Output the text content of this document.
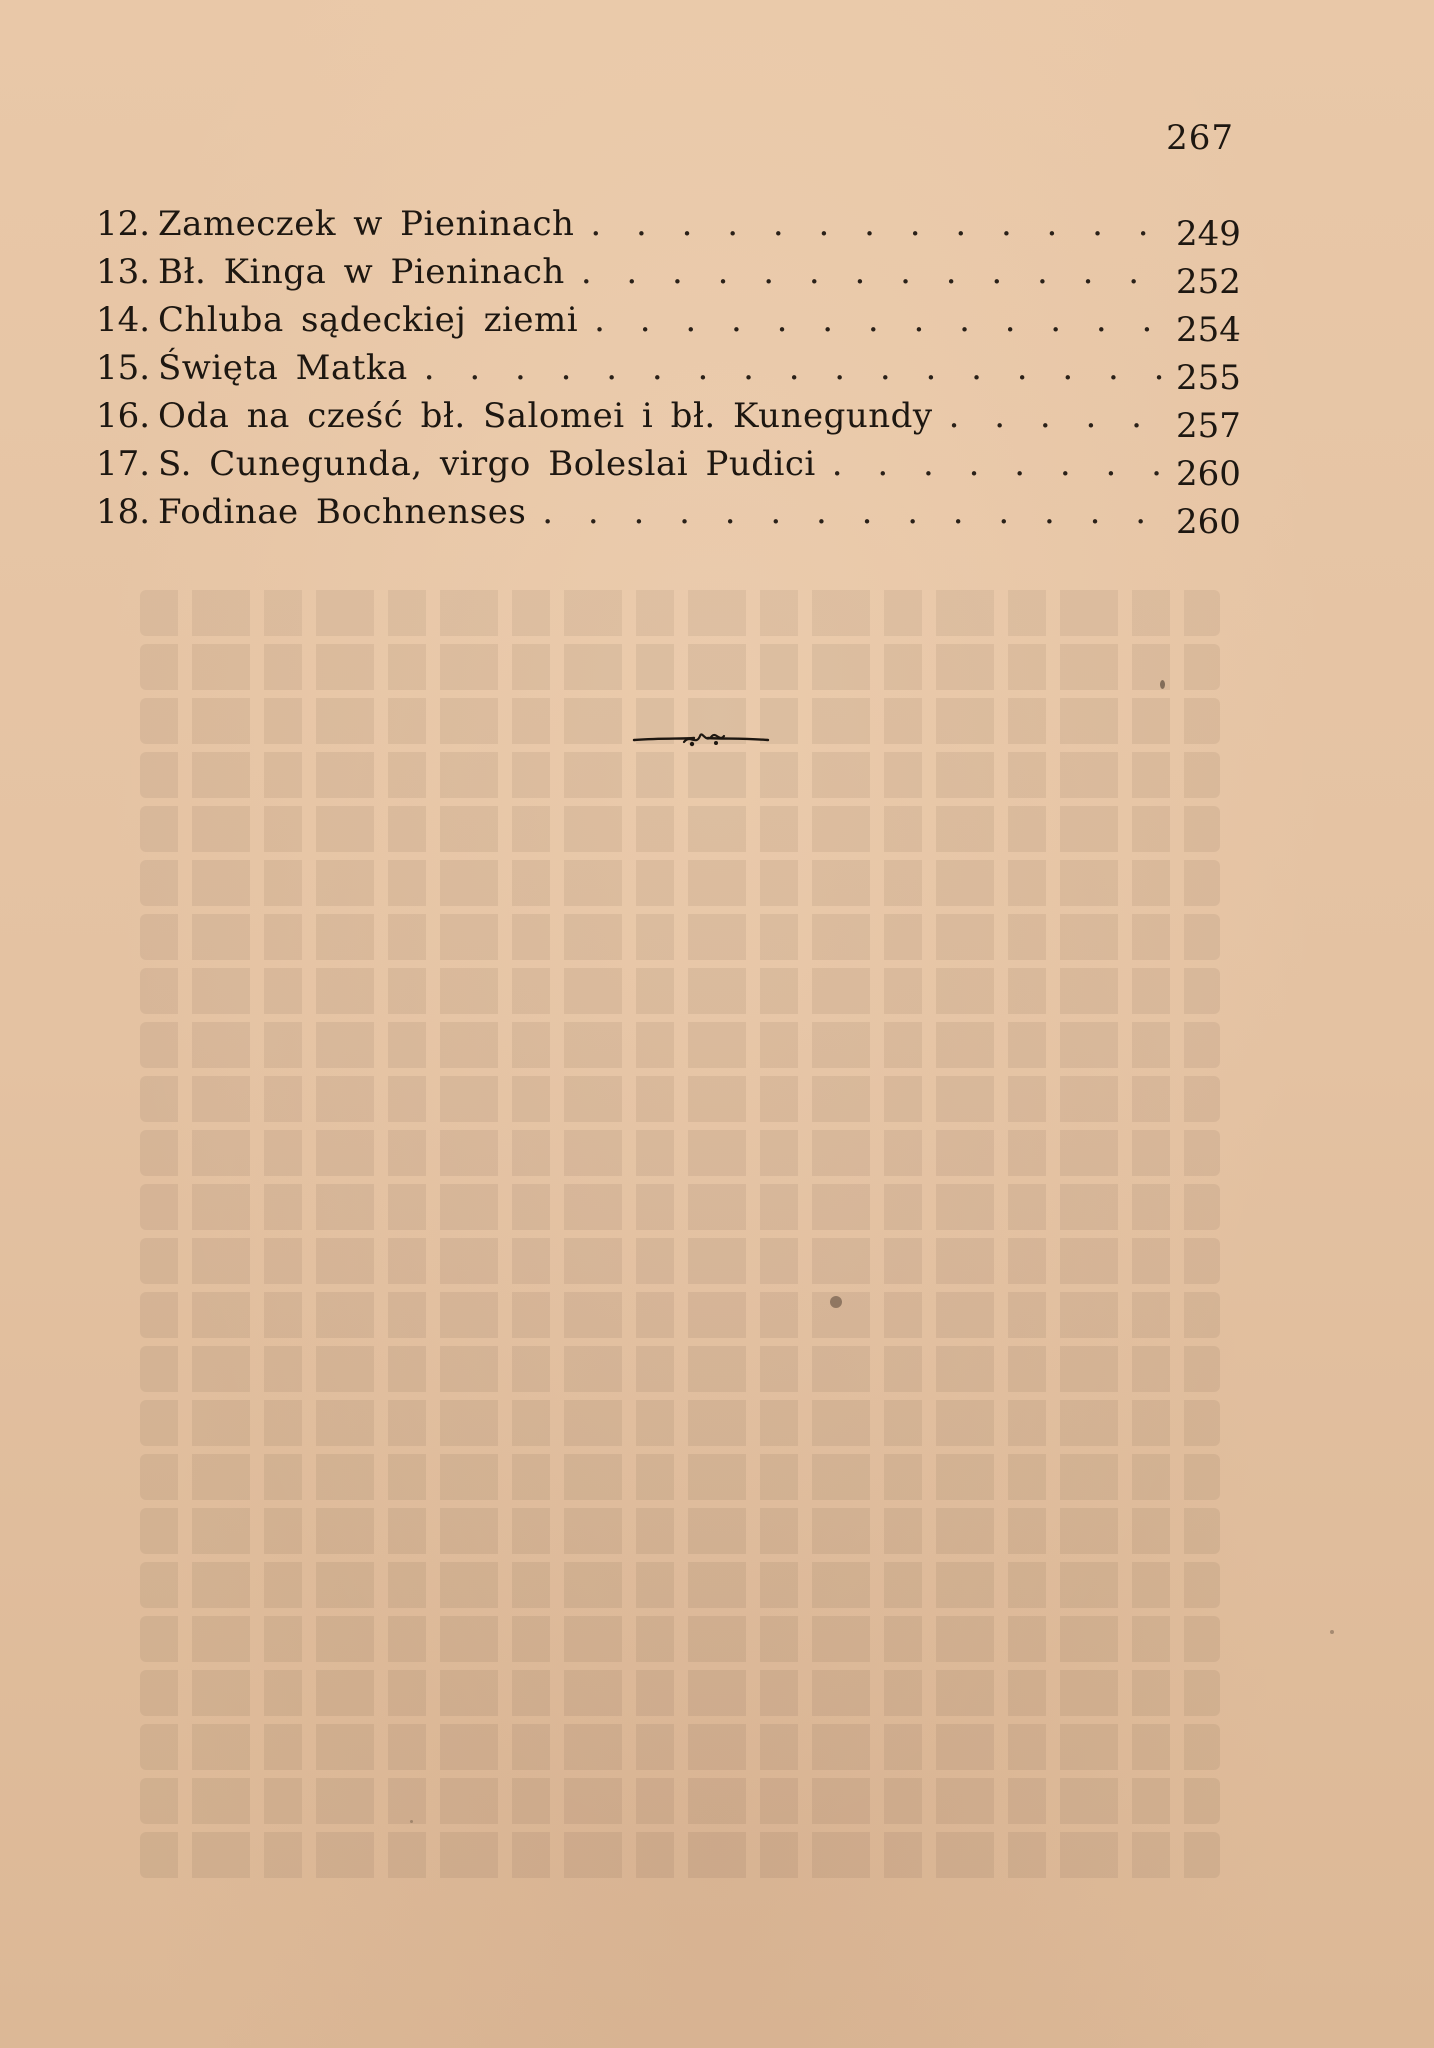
267
12. Zameczek w Pieninach . . .	249
13. Bł. Kinga w Pieninach . . .	252
14. Chluba sądeckiej ziemi . . .	254
15. Święta Matka . . .	255
16. Oda na cześć bł. Salomei i bł. Kunegundy . . .	257
17. S. Cunegunda, virgo Boleslai Pudici . . .	260
18. Fodinae Bochnenses . . .	260
